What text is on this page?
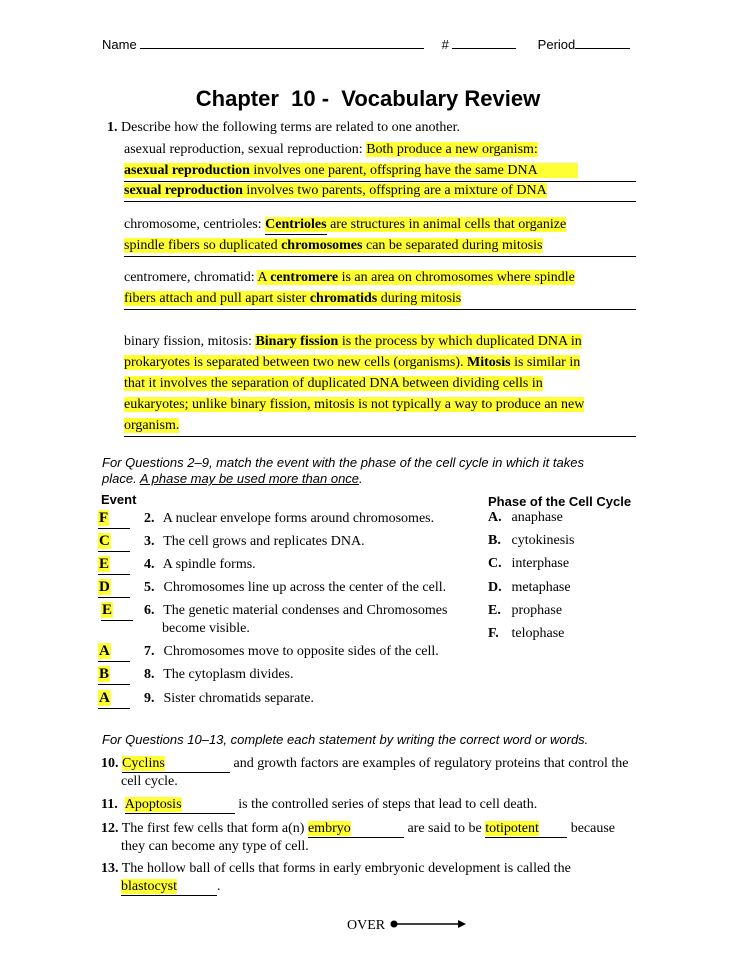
Name	#	Period
Chapter  10 -  Vocabulary Review
1. Describe how the following terms are related to one another.
asexual reproduction, sexual reproduction: Both produce a new organism:
asexual reproduction involves one parent, offspring have the same DNA
sexual reproduction involves two parents, offspring are a mixture of DNA
chromosome, centrioles: Centrioles are structures in animal cells that organize
spindle fibers so duplicated chromosomes can be separated during mitosis
centromere, chromatid: A centromere is an area on chromosomes where spindle
fibers attach and pull apart sister chromatids during mitosis
binary fission, mitosis: Binary fission is the process by which duplicated DNA in
prokaryotes is separated between two new cells (organisms). Mitosis is similar in
that it involves the separation of duplicated DNA between dividing cells in
eukaryotes; unlike binary fission, mitosis is not typically a way to produce an new
organism.
For Questions 2–9, match the event with the phase of the cell cycle in which it takes
place. A phase may be used more than once.
Event	Phase of the Cell Cycle
F	2. A nuclear envelope forms around chromosomes.
C	3. The cell grows and replicates DNA.
E	4. A spindle forms.
D	5. Chromosomes line up across the center of the cell.
E	6. The genetic material condenses and Chromosomes
become visible.
A	7. Chromosomes move to opposite sides of the cell.
B	8. The cytoplasm divides.
A	9. Sister chromatids separate.
A. anaphase
B. cytokinesis
C. interphase
D. metaphase
E. prophase
F. telophase
For Questions 10–13, complete each statement by writing the correct word or words.
10. Cyclins	and growth factors are examples of regulatory proteins that control the
cell cycle.
11. Apoptosis	is the controlled series of steps that lead to cell death.
12. The first few cells that form a(n) embryo	are said to be totipotent because
they can become any type of cell.
13. The hollow ball of cells that forms in early embryonic development is called the
blastocyst	.
OVER
